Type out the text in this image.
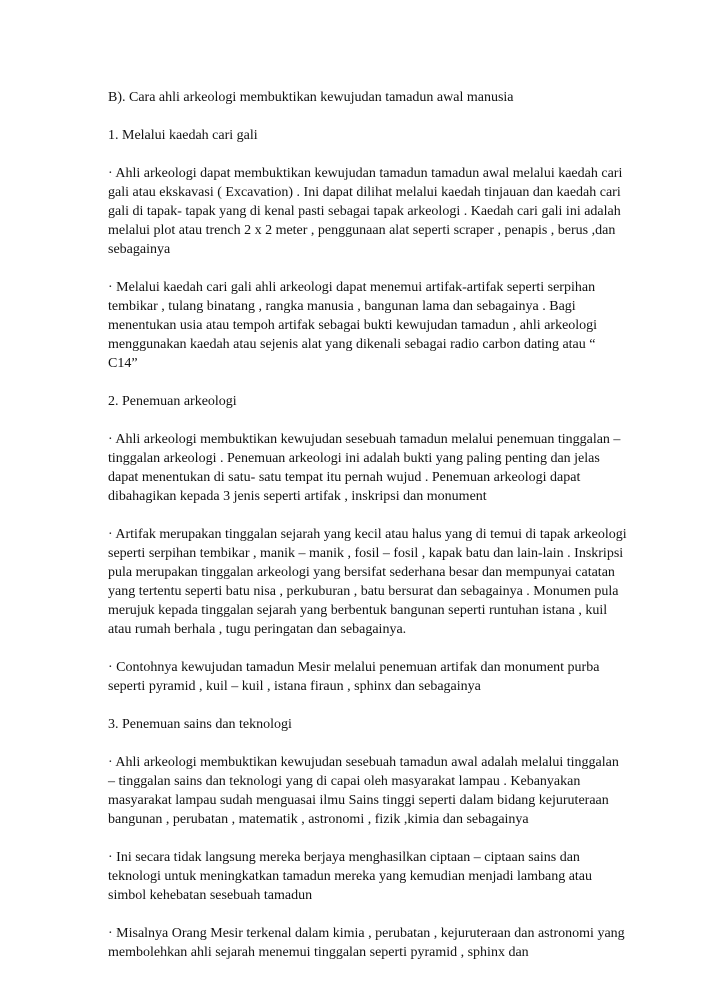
B). Cara ahli arkeologi membuktikan kewujudan tamadun awal manusia

1. Melalui kaedah cari gali

· Ahli arkeologi dapat membuktikan kewujudan tamadun tamadun awal melalui kaedah cari gali atau ekskavasi ( Excavation) . Ini dapat dilihat melalui kaedah tinjauan dan kaedah cari gali di tapak- tapak yang di kenal pasti sebagai tapak arkeologi . Kaedah cari gali ini adalah melalui plot atau trench 2 x 2 meter , penggunaan alat seperti scraper , penapis , berus ,dan sebagainya

· Melalui kaedah cari gali ahli arkeologi dapat menemui artifak-artifak seperti serpihan tembikar , tulang binatang , rangka manusia , bangunan lama dan sebagainya . Bagi menentukan usia atau tempoh artifak sebagai bukti kewujudan tamadun , ahli arkeologi menggunakan kaedah atau sejenis alat yang dikenali sebagai radio carbon dating atau “ C14”

2. Penemuan arkeologi

· Ahli arkeologi membuktikan kewujudan sesebuah tamadun melalui penemuan tinggalan – tinggalan arkeologi . Penemuan arkeologi ini adalah bukti yang paling penting dan jelas dapat menentukan di satu- satu tempat itu pernah wujud . Penemuan arkeologi dapat dibahagikan kepada 3 jenis seperti artifak , inskripsi dan monument

· Artifak merupakan tinggalan sejarah yang kecil atau halus yang di temui di tapak arkeologi seperti serpihan tembikar , manik – manik , fosil – fosil , kapak batu dan lain-lain . Inskripsi pula merupakan tinggalan arkeologi yang bersifat sederhana besar dan mempunyai catatan yang tertentu seperti batu nisa , perkuburan , batu bersurat dan sebagainya . Monumen pula merujuk kepada tinggalan sejarah yang berbentuk bangunan seperti runtuhan istana , kuil atau rumah berhala , tugu peringatan dan sebagainya.

· Contohnya kewujudan tamadun Mesir melalui penemuan artifak dan monument purba seperti pyramid , kuil – kuil , istana firaun , sphinx dan sebagainya

3. Penemuan sains dan teknologi

· Ahli arkeologi membuktikan kewujudan sesebuah tamadun awal adalah melalui tinggalan – tinggalan sains dan teknologi yang di capai oleh masyarakat lampau . Kebanyakan masyarakat lampau sudah menguasai ilmu Sains tinggi seperti dalam bidang kejuruteraan bangunan , perubatan , matematik , astronomi , fizik ,kimia dan sebagainya

· Ini secara tidak langsung mereka berjaya menghasilkan ciptaan – ciptaan sains dan teknologi untuk meningkatkan tamadun mereka yang kemudian menjadi lambang atau simbol kehebatan sesebuah tamadun

· Misalnya Orang Mesir terkenal dalam kimia , perubatan , kejuruteraan dan astronomi yang membolehkan ahli sejarah menemui tinggalan seperti pyramid , sphinx dan
